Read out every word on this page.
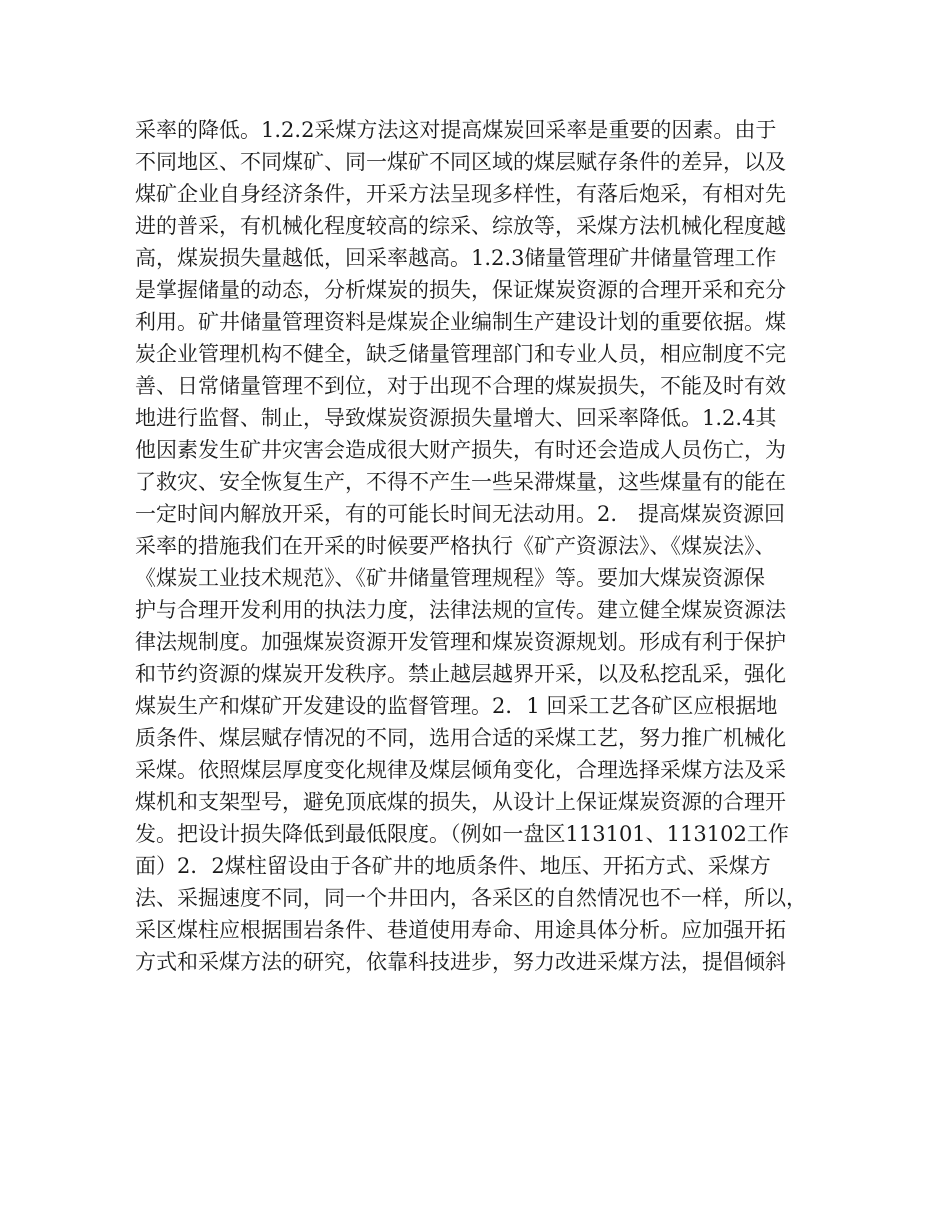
采率的降低。1.2.2采煤方法这对提高煤炭回采率是重要的因素。由于
不同地区、不同煤矿、同一煤矿不同区域的煤层赋存条件的差异，以及
煤矿企业自身经济条件，开采方法呈现多样性，有落后炮采，有相对先
进的普采，有机械化程度较高的综采、综放等，采煤方法机械化程度越
高，煤炭损失量越低，回采率越高。1.2.3储量管理矿井储量管理工作
是掌握储量的动态，分析煤炭的损失，保证煤炭资源的合理开采和充分
利用。矿井储量管理资料是煤炭企业编制生产建设计划的重要依据。煤
炭企业管理机构不健全，缺乏储量管理部门和专业人员，相应制度不完
善、日常储量管理不到位，对于出现不合理的煤炭损失，不能及时有效
地进行监督、制止，导致煤炭资源损失量增大、回采率降低。1.2.4其
他因素发生矿井灾害会造成很大财产损失，有时还会造成人员伤亡，为
了救灾、安全恢复生产，不得不产生一些呆滞煤量，这些煤量有的能在
一定时间内解放开采，有的可能长时间无法动用。2.　提高煤炭资源回
采率的措施我们在开采的时候要严格执行《矿产资源法》、《煤炭法》、
《煤炭工业技术规范》、《矿井储量管理规程》等。要加大煤炭资源保
护与合理开发利用的执法力度，法律法规的宣传。建立健全煤炭资源法
律法规制度。加强煤炭资源开发管理和煤炭资源规划。形成有利于保护
和节约资源的煤炭开发秩序。禁止越层越界开采，以及私挖乱采，强化
煤炭生产和煤矿开发建设的监督管理。2．1 回采工艺各矿区应根据地
质条件、煤层赋存情况的不同，选用合适的采煤工艺，努力推广机械化
采煤。依照煤层厚度变化规律及煤层倾角变化，合理选择采煤方法及采
煤机和支架型号，避免顶底煤的损失，从设计上保证煤炭资源的合理开
发。把设计损失降低到最低限度。（例如一盘区113101、113102工作
面）2．2煤柱留设由于各矿井的地质条件、地压、开拓方式、采煤方
法、采掘速度不同，同一个井田内，各采区的自然情况也不一样，所以，
采区煤柱应根据围岩条件、巷道使用寿命、用途具体分析。应加强开拓
方式和采煤方法的研究，依靠科技进步，努力改进采煤方法，提倡倾斜
